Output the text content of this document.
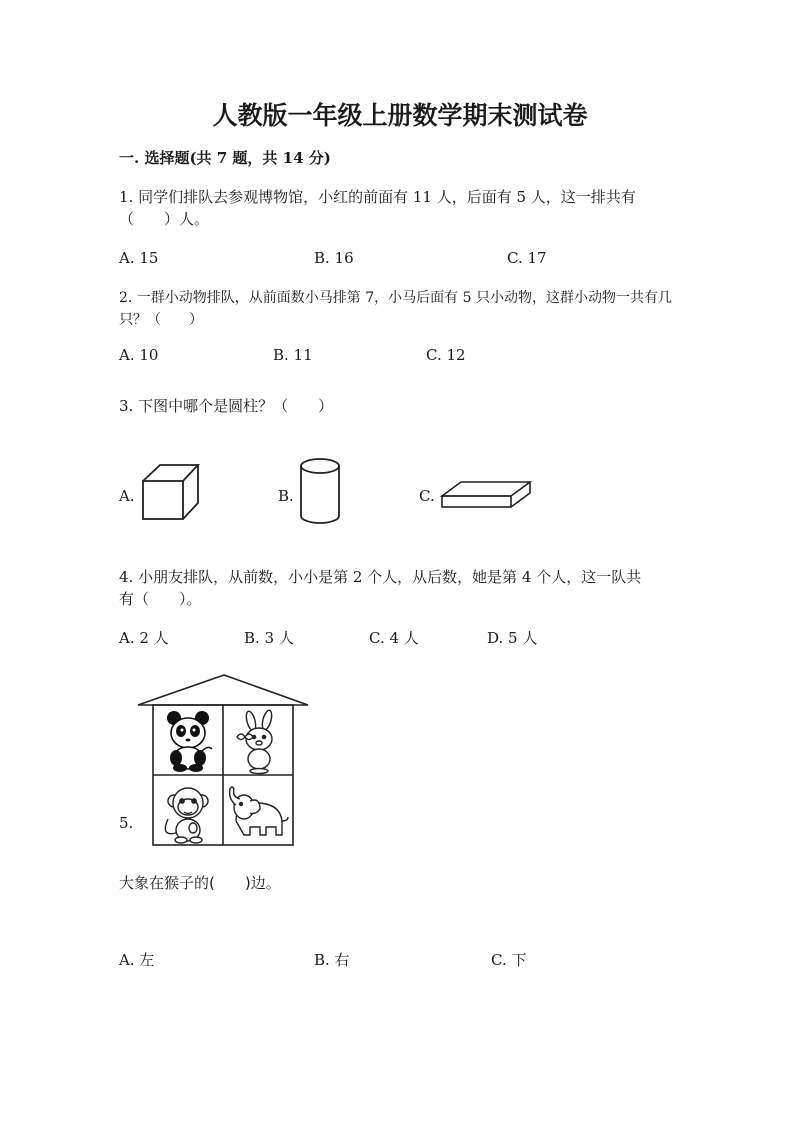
人教版一年级上册数学期末测试卷
一. 选择题(共 7 题，共 14 分)
1. 同学们排队去参观博物馆，小红的前面有 11 人，后面有 5 人，这一排共有
（　　）人。
A. 15	B. 16	C. 17
2. 一群小动物排队，从前面数小马排第 7，小马后面有 5 只小动物，这群小动物一共有几
只？（　　）
A. 10	B. 11	C. 12
3. 下图中哪个是圆柱？（　　）
A.	B.	C.
4. 小朋友排队，从前数，小小是第 2 个人，从后数，她是第 4 个人，这一队共
有（　　）。
A. 2 人	B. 3 人	C. 4 人	D. 5 人
5.
大象在猴子的(　　)边。
A. 左	B. 右	C. 下
